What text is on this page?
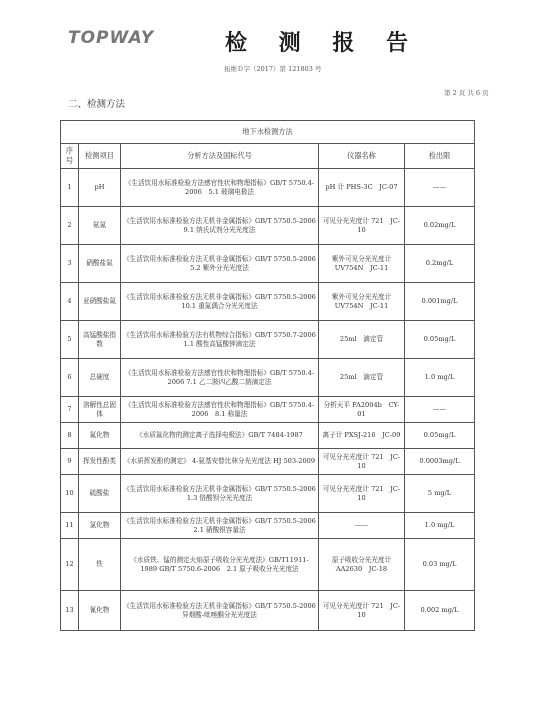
TOPWAY	检 测 报 告
拓维Ｄ字（2017）第 121803 号
第 2 页 共 6 页
二、检测方法
地下水检测方法				
序号	检测项目	分析方法及国标代号	仪器名称	检出限
1	pH	《生活饮用水标准检验方法感官性状和物理指标》GB/T 5750.4-2006　5.1 玻璃电极法	pH 计 PHS-3C　JC-07	——
2	氨氮	《生活饮用水标准检验方法无机非金属指标》GB/T 5750.5-2006　9.1 纳氏试剂分光光度法	可见分光光度计 721　JC-10	0.02mg/L
3	硝酸盐氮	《生活饮用水标准检验方法无机非金属指标》GB/T 5750.5-2006　5.2 紫外分光光度法	紫外可见分光光度计 UV754N　JC-11	0.2mg/L
4	亚硝酸盐氮	《生活饮用水标准检验方法无机非金属指标》GB/T 5750.5-2006　10.1 重氮偶合分光光度法	紫外可见分光光度计 UV754N　JC-11	0.001mg/L
5	高锰酸盐指数	《生活饮用水标准检验方法有机物综合指标》GB/T 5750.7-2006　1.1 酸性高锰酸钾滴定法	25ml　滴定管	0.05mg/L
6	总硬度	《生活饮用水标准检验方法感官性状和物理指标》GB/T 5750.4-2006 7.1 乙二胺四乙酸二钠滴定法	25ml　滴定管	1.0 mg/L
7	溶解性总固体	《生活饮用水标准检验方法感官性状和物理指标》GB/T 5750.4-2006　8.1 称量法	分析天平 FA2004b　CY-01	——
8	氟化物	《水质氟化物的测定离子选择电极法》GB/T 7484-1987	离子计 PXSJ-216　JC-09	0.05mg/L
9	挥发性酚类	《水质挥发酚的测定》 4-氨基安替比林分光光度法 HJ 503-2009	可见分光光度计 721　JC-10	0.0003mg/L
10	硫酸盐	《生活饮用水标准检验方法无机非金属指标》GB/T 5750.5-2006　1.3 铬酸钡分光光度法	可见分光光度计 721　JC-10	5 mg/L
11	氯化物	《生活饮用水标准检验方法无机非金属指标》GB/T 5750.5-2006　2.1 硝酸银容量法	——	1.0 mg/L
12	铁	《水质铁、锰的测定火焰原子吸收分光光度法》GB/T11911-1989 GB/T 5750.6-2006　2.1 原子吸收分光光度法	原子吸收分光光度计 AA2630　JC-18	0.03 mg/L
13	氰化物	《生活饮用水标准检验方法无机非金属指标》GB/T 5750.5-2006　异烟酸-吡唑酮分光光度法	可见分光光度计 721　JC-10	0.002 mg/L
